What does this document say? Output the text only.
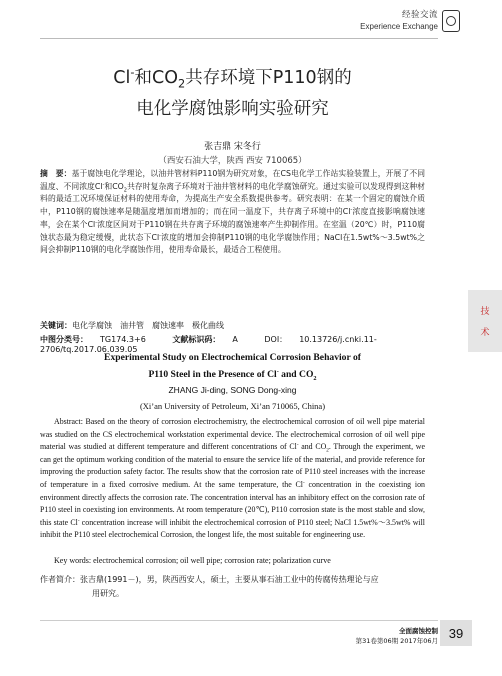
经验交流
Experience Exchange
技
术
Cl-和$CO_2$共存环境下P110钢的
电化学腐蚀影响实验研究
张吉鼎 宋冬行
（西安石油大学，陕西 西安 710065）
摘　要：基于腐蚀电化学理论，以油井管材料P110钢为研究对象，在CS电化学工作站实验装置上，开展了不同温度、不同浓度Cl-和$CO_2$共存时复杂离子环境对于油井管材料的电化学腐蚀研究。通过实验可以发现得到这种材料的最适工况环境保证材料的使用寿命，为提高生产安全系数提供参考。研究表明：在某一个固定的腐蚀介质中，P110钢的腐蚀速率是随温度增加而增加的；而在同一温度下，共存离子环境中的Cl-浓度直接影响腐蚀速率，会在某个Cl-浓度区间对于P110钢在共存离子环境的腐蚀速率产生抑制作用。在室温（20℃）时，P110腐蚀状态最为稳定缓慢，此状态下Cl-浓度的增加会抑制P110钢的电化学腐蚀作用；NaCl在1.5wt%～3.5wt%之间会抑制P110钢的电化学腐蚀作用，使用寿命最长，最适合工程使用。
关键词：电化学腐蚀　油井管　腐蚀速率　极化曲线
中图分类号： TG174.3+6	文献标识码： A	DOI： 10.13726/j.cnki.11-2706/tq.2017.06.039.05
Experimental Study on Electrochemical Corrosion Behavior of
P110 Steel in the Presence of Cl- and $CO_2$
ZHANG Ji-ding, SONG Dong-xing
(Xi’an University of Petroleum, Xi’an 710065, China)
Abstract: Based on the theory of corrosion electrochemistry, the electrochemical corrosion of oil well pipe material was studied on the CS electrochemical workstation experimental device. The electrochemical corrosion of oil well pipe material was studied at different temperature and different concentrations of Cl- and $CO_2$. Through the experiment, we can get the optimum working condition of the material to ensure the service life of the material, and provide reference for improving the production safety factor. The results show that the corrosion rate of P110 steel increases with the increase of temperature in a fixed corrosive medium. At the same temperature, the Cl- concentration in the coexisting ion environment directly affects the corrosion rate. The concentration interval has an inhibitory effect on the corrosion rate of P110 steel in coexisting ion environments. At room temperature (20℃), P110 corrosion state is the most stable and slow, this state Cl- concentration increase will inhibit the electrochemical corrosion of P110 steel; NaCl 1.5wt%～3.5wt% will inhibit the P110 steel electrochemical Corrosion, the longest life, the most suitable for engineering use.
Key words: electrochemical corrosion; oil well pipe; corrosion rate; polarization curve
作者简介：张吉鼎(1991－)，男，陕西西安人，硕士，主要从事石油工业中的传腐传热理论与应
用研究。
全面腐蚀控制
第31卷第06期 2017年06月
39
